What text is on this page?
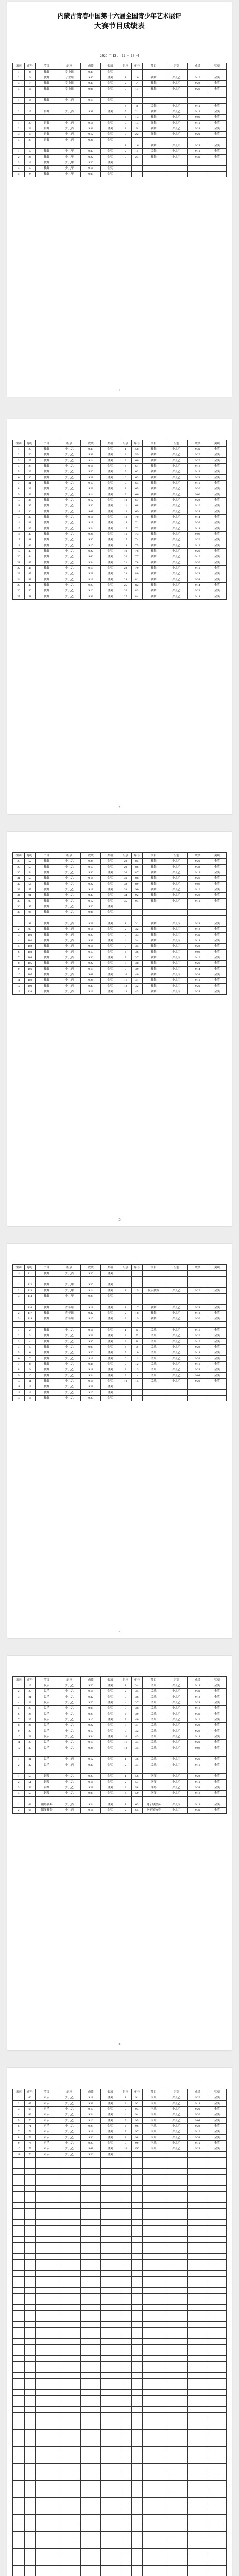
内蒙古青春中国第十六届全国青少年艺术展评
大赛节目成绩表
2020 年 12 月 12 日-13 日
组别	序号	节目	组别	成绩	奖项	组别	序号	节目	组别	成绩	奖项
1	8	独舞	专业组	9.38	金奖						
2	9	独舞	专业组	9.40	金奖	1	16	独舞	少儿乙	9.10	金奖
3	7	独舞	专业组	9.30	金奖	2	7	独舞	少儿乙	9.22	金奖
4	16	独舞	专业组	9.06	金奖	3	17	独舞	少儿乙	9.26	金奖

1	14	独舞	少儿丙	9.18	金奖						
						4	8	民舞	少儿乙	9.10	金奖
2	15	群舞	少儿丙	9.38	金奖	5	21	独舞	少儿乙	9.12	金奖
						6	13	独舞	少儿乙	9.06	金奖
1	20	群舞	少儿丙	9.16	金奖	7	14	群舞	少儿乙	9.10	金奖
2	22	群舞	少儿丙	9.32	金奖	8	3	独舞	少儿乙	9.24	金奖
3	18	群舞	少儿丙	9.12	金奖	9	22	群舞	少儿乙	9.20	金奖
4	28	群舞	少儿丙	9.26	金奖						
						1	16	独舞	少儿甲	9.28	金奖
1	10	独舞	少儿甲	9.30	金奖	2	11	民舞	少儿甲	9.10	金奖
2	24	独舞	少儿甲	9.22	金奖	3	24	独舞	少儿甲	9.30	金奖
3	12	独舞	少儿甲	9.20	金奖						
4	15	独舞	少儿甲	9.16	金奖						
5	9	独舞	少儿甲	9.08	金奖						
1
组别	序号	节目	组别	成绩	奖项	组别	序号	节目	组别	成绩	奖项
1	25	独舞	少儿乙	9.38	金奖	1	58	独舞	少儿乙	9.30	金奖
2	26	独舞	少儿乙	9.32	金奖	2	59	独舞	少儿乙	9.26	金奖
3	27	独舞	少儿乙	9.14	金奖	3	60	独舞	少儿乙	9.20	金奖
4	28	独舞	少儿乙	9.16	金奖	4	61	独舞	少儿乙	9.18	金奖
5	29	独舞	少儿乙	9.20	金奖	5	62	独舞	少儿乙	9.12	金奖
6	30	独舞	少儿乙	9.28	金奖	6	63	独舞	少儿乙	9.24	金奖
7	31	独舞	少儿乙	9.10	金奖	7	64	独舞	少儿乙	9.16	金奖
8	32	独舞	少儿乙	9.22	金奖	8	65	独舞	少儿乙	9.36	金奖
9	33	独舞	少儿乙	9.14	金奖	9	66	独舞	少儿乙	9.06	金奖
10	34	独舞	少儿乙	9.12	金奖	10	67	独舞	少儿乙	9.22	金奖
11	35	独舞	少儿乙	9.36	金奖	11	68	独舞	少儿乙	9.10	金奖
12	36	独舞	少儿乙	9.08	金奖	12	69	独舞	少儿乙	9.28	金奖
13	37	独舞	少儿乙	9.16	金奖	13	70	独舞	少儿乙	9.14	金奖
14	38	独舞	少儿乙	9.18	金奖	14	71	独舞	少儿乙	9.32	金奖
15	39	独舞	少儿乙	9.24	金奖	15	72	独舞	少儿乙	9.18	金奖
16	40	独舞	少儿乙	9.26	金奖	16	73	独舞	少儿乙	9.08	金奖
17	41	独舞	少儿乙	9.30	金奖	17	74	独舞	少儿乙	9.20	金奖
18	42	独舞	少儿乙	9.10	金奖	18	75	独舞	少儿乙	9.12	金奖
19	43	独舞	少儿乙	9.22	金奖	19	76	独舞	少儿乙	9.26	金奖
20	44	独舞	少儿乙	9.06	金奖	20	77	独舞	少儿乙	9.16	金奖
21	45	独舞	少儿乙	9.34	金奖	21	78	独舞	少儿乙	9.30	金奖
22	46	独舞	少儿乙	9.18	金奖	22	79	独舞	少儿乙	9.10	金奖
23	47	独舞	少儿乙	9.28	金奖	23	80	独舞	少儿乙	9.24	金奖
24	48	独舞	少儿乙	9.12	金奖	24	81	独舞	少儿乙	9.38	金奖
25	49	独舞	少儿乙	9.20	金奖	25	82	独舞	少儿乙	9.14	金奖
26	50	独舞	少儿乙	9.16	金奖	26	83	独舞	少儿乙	9.22	金奖
27	51	独舞	少儿乙	9.32	金奖	27	84	独舞	少儿乙	9.18	金奖
2
组别	序号	节目	组别	成绩	奖项	组别	序号	节目	组别	成绩	奖项
28	52	独舞	少儿乙	9.24	金奖	28	85	独舞	少儿乙	9.20	金奖
29	53	独舞	少儿乙	9.10	金奖	29	86	独舞	少儿乙	9.32	金奖
30	54	独舞	少儿乙	9.36	金奖	30	87	独舞	少儿乙	9.12	金奖
31	55	独舞	少儿乙	9.14	金奖	31	88	独舞	少儿乙	9.26	金奖
32	56	独舞	少儿乙	9.22	金奖	32	89	独舞	少儿乙	9.08	金奖
33	57	独舞	少儿乙	9.18	金奖	33	90	独舞	少儿乙	9.16	金奖
34	91	独舞	少儿乙	9.30	金奖	34	92	独舞	少儿乙	9.28	金奖
35	93	独舞	少儿乙	9.12	金奖	35	94	独舞	少儿乙	9.10	金奖
36	95	独舞	少儿乙	9.26	金奖						
37	96	独舞	少儿乙	9.06	金奖						

1	98	独舞	少儿丙	9.28	金奖	1	31	独舞	少儿丙	9.24	金奖
2	99	独舞	少儿丙	9.14	金奖	2	32	独舞	少儿丙	9.12	金奖
3	100	独舞	少儿丙	9.20	金奖	3	33	独舞	少儿丙	9.30	金奖
4	101	独舞	少儿丙	9.32	金奖	4	34	独舞	少儿丙	9.18	金奖
5	102	独舞	少儿丙	9.16	金奖	5	35	独舞	少儿丙	9.22	金奖
6	103	独舞	少儿丙	9.10	金奖	6	36	独舞	少儿丙	9.08	金奖
7	104	独舞	少儿丙	9.36	金奖	7	37	独舞	少儿丙	9.16	金奖
8	105	独舞	少儿丙	9.22	金奖	8	38	独舞	少儿丙	9.26	金奖
9	106	独舞	少儿丙	9.18	金奖	9	39	独舞	少儿丙	9.14	金奖
10	107	独舞	少儿丙	9.08	金奖	10	40	独舞	少儿丙	9.34	金奖
11	108	独舞	少儿丙	9.24	金奖	11	41	独舞	少儿丙	9.10	金奖
12	109	独舞	少儿丙	9.30	金奖	12	42	独舞	少儿丙	9.20	金奖
13	110	独舞	少儿丙	9.12	金奖	13	43	独舞	少儿丙	9.28	金奖
3
组别	序号	节目	组别	成绩	奖项	组别	序号	节目	组别	成绩	奖项
14	111	独舞	少儿丙	9.26	金奖						

1	112	独舞	少儿甲	9.20	金奖						
2	113	独舞	少儿甲	9.14	金奖	1	15	民乐独奏	少儿乙	9.20	金奖
3	114	独舞	少儿甲	9.28	金奖						

1	116	独舞	青年组	9.18	金奖	1	17	独舞	少儿乙	9.24	金奖
2	117	独舞	青年组	9.32	金奖	2	18	独舞	少儿乙	9.12	金奖
3	118	独舞	青年组	9.10	金奖	3	19	独舞	少儿乙	9.30	金奖

1	2	独舞	少儿乙	9.16	金奖	1	6	民乐	少儿乙	9.18	金奖
2	3	独舞	少儿乙	9.22	金奖	2	7	民乐	少儿乙	9.26	金奖
3	4	独舞	少儿乙	9.30	金奖	3	8	民乐	少儿乙	9.10	金奖
4	5	独舞	少儿乙	9.08	金奖	4	9	民乐	少儿乙	9.22	金奖
5	6	独舞	少儿乙	9.26	金奖	5	10	民乐	少儿乙	9.14	金奖
6	7	独舞	少儿乙	9.12	金奖	6	11	民乐	少儿乙	9.32	金奖
7	8	独舞	少儿乙	9.34	金奖	7	12	民乐	少儿乙	9.16	金奖
8	9	独舞	少儿乙	9.18	金奖	8	13	民乐	少儿乙	9.28	金奖
9	10	独舞	少儿乙	9.24	金奖	9	14	民乐	少儿乙	9.08	金奖
10	11	独舞	少儿乙	9.14	金奖	10	15	民乐	少儿乙	9.20	金奖
11	12	独舞	少儿乙	9.28	金奖						
12	13	独舞	少儿乙	9.10	金奖						
13	14	独舞	少儿乙	9.20	金奖						
4
组别	序号	节目	组别	成绩	奖项	组别	序号	节目	组别	成绩	奖项
1	19	民乐	少儿乙	9.26	金奖	1	34	民乐	少儿乙	9.18	金奖
2	20	民乐	少儿乙	9.14	金奖	2	35	民乐	少儿乙	9.30	金奖
3	21	民乐	少儿乙	9.32	金奖	3	36	民乐	少儿乙	9.12	金奖
4	22	民乐	少儿乙	9.20	金奖	4	37	民乐	少儿乙	9.24	金奖
5	23	民乐	少儿乙	9.08	金奖	5	38	民乐	少儿乙	9.16	金奖
6	24	民乐	少儿乙	9.28	金奖	6	39	民乐	少儿乙	9.36	金奖
7	25	民乐	少儿乙	9.16	金奖	7	40	民乐	少儿乙	9.10	金奖
8	26	民乐	少儿乙	9.22	金奖	8	41	民乐	少儿乙	9.22	金奖
9	27	民乐	少儿乙	9.10	金奖	9	42	民乐	少儿乙	9.28	金奖
10	28	民乐	少儿乙	9.34	金奖	10	43	民乐	少儿乙	9.14	金奖
11	29	民乐	少儿乙	9.18	金奖	11	44	民乐	少儿乙	9.20	金奖
12	30	民乐	少儿乙	9.24	金奖	12	45	民乐	少儿乙	9.08	金奖

1	31	民乐	少儿丙	9.12	金奖	1	46	民乐	少儿丙	9.26	金奖
2	32	民乐	少儿丙	9.30	金奖	2	47	民乐	少儿丙	9.16	金奖

1	50	钢琴	少儿乙	9.20	金奖	1	56	钢琴	少儿乙	9.22	金奖
2	51	钢琴	少儿乙	9.14	金奖	2	57	钢琴	少儿乙	9.10	金奖
3	52	钢琴	少儿乙	9.28	金奖	3	58	钢琴	少儿乙	9.34	金奖
4	53	钢琴	少儿乙	9.08	金奖	4	59	钢琴	少儿乙	9.18	金奖

1	62	钢琴独奏	少儿丙	9.24	金奖	1	63	电子琴独奏	少儿丙	9.12	金奖
2	64	钢琴独奏	少儿丙	9.16	金奖	2	65	电子琴独奏	少儿丙	9.30	金奖
5
组别	序号	节目	组别	成绩	奖项	组别	序号	节目	组别	成绩	奖项
1	66	声乐	少儿乙	9.18	金奖	1	91	声乐	少儿乙	9.26	金奖
2	67	声乐	少儿乙	9.32	金奖	2	92	声乐	少儿乙	9.14	金奖
3	68	声乐	少儿乙	9.10	金奖	3	93	声乐	少儿乙	9.20	金奖
4	69	声乐	少儿乙	9.24	金奖	4	94	声乐	少儿乙	9.30	金奖
5	70	声乐	少儿乙	9.16	金奖	5	95	声乐	少儿乙	9.08	金奖
6	71	声乐	少儿乙	9.28	金奖	6	96	声乐	少儿乙	9.22	金奖
7	72	声乐	少儿乙	9.12	金奖	7	97	声乐	少儿乙	9.16	金奖
8	73	声乐	少儿乙	9.36	金奖	8	98	声乐	少儿乙	9.34	金奖
9	74	声乐	少儿乙	9.20	金奖	9	99	声乐	少儿乙	9.10	金奖
10	75	声乐	少儿乙	9.08	金奖	10	100	声乐	少儿乙	9.28	金奖
11	76	声乐	少儿乙	9.26	金奖						
